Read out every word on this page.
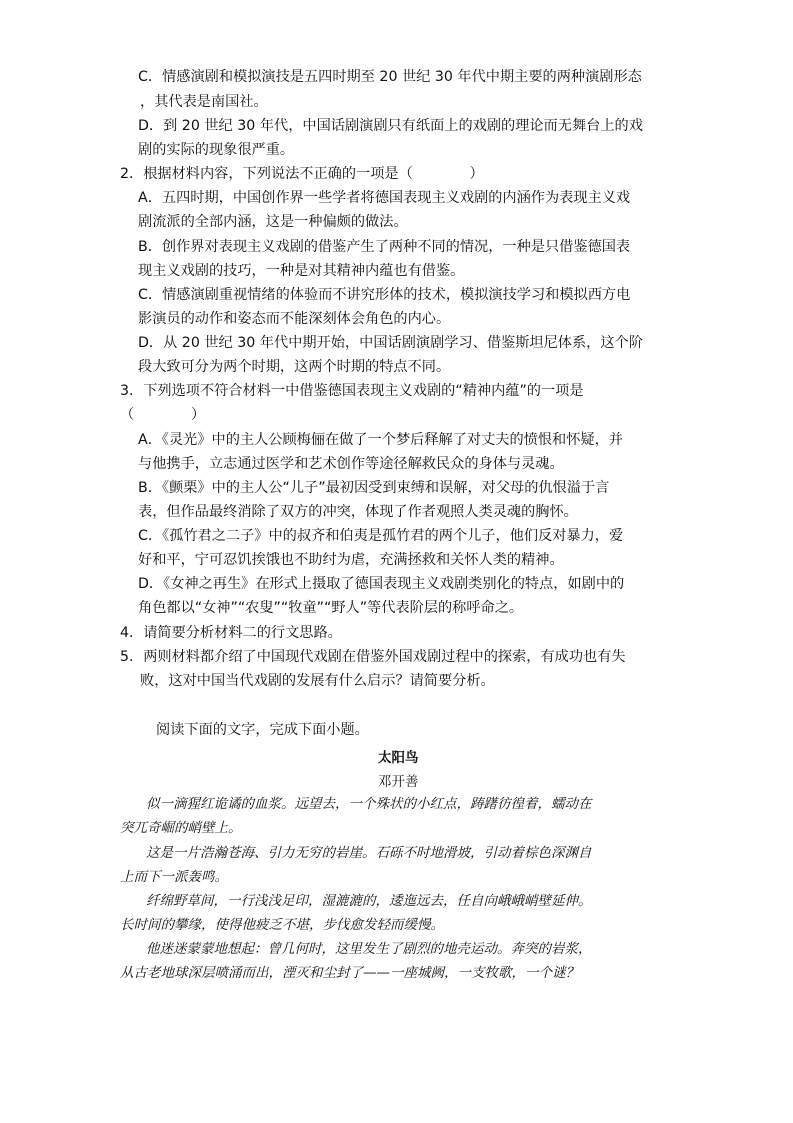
C．情感演剧和模拟演技是五四时期至 20 世纪 30 年代中期主要的两种演剧形态
，其代表是南国社。
D．到 20 世纪 30 年代，中国话剧演剧只有纸面上的戏剧的理论而无舞台上的戏
剧的实际的现象很严重。
2．根据材料内容，下列说法不正确的一项是（　　　　）
A．五四时期，中国创作界一些学者将德国表现主义戏剧的内涵作为表现主义戏
剧流派的全部内涵，这是一种偏颇的做法。
B．创作界对表现主义戏剧的借鉴产生了两种不同的情况，一种是只借鉴德国表
现主义戏剧的技巧，一种是对其精神内蕴也有借鉴。
C．情感演剧重视情绪的体验而不讲究形体的技术，模拟演技学习和模拟西方电
影演员的动作和姿态而不能深刻体会角色的内心。
D．从 20 世纪 30 年代中期开始，中国话剧演剧学习、借鉴斯坦尼体系，这个阶
段大致可分为两个时期，这两个时期的特点不同。
3．下列选项不符合材料一中借鉴德国表现主义戏剧的“精神内蕴”的一项是
（　　　　）
A．《灵光》中的主人公顾梅俪在做了一个梦后释解了对丈夫的愤恨和怀疑，并
与他携手，立志通过医学和艺术创作等途径解救民众的身体与灵魂。
B．《颤栗》中的主人公“儿子”最初因受到束缚和误解，对父母的仇恨溢于言
表，但作品最终消除了双方的冲突，体现了作者观照人类灵魂的胸怀。
C．《孤竹君之二子》中的叔齐和伯夷是孤竹君的两个儿子，他们反对暴力，爱
好和平，宁可忍饥挨饿也不助纣为虐，充满拯救和关怀人类的精神。
D．《女神之再生》在形式上摄取了德国表现主义戏剧类别化的特点，如剧中的
角色都以“女神”“农叟”“牧童”“野人”等代表阶层的称呼命之。
4．请简要分析材料二的行文思路。
5．两则材料都介绍了中国现代戏剧在借鉴外国戏剧过程中的探索，有成功也有失
败，这对中国当代戏剧的发展有什么启示？请简要分析。
阅读下面的文字，完成下面小题。
太阳鸟
邓开善
似一滴猩红诡谲的血浆。远望去，一个殊状的小红点，踌躇彷徨着，蠕动在
突兀奇崛的峭壁上。
这是一片浩瀚苍海、引力无穷的岩崖。石砾不时地滑坡，引动着棕色深渊自
上而下一派轰鸣。
纤绵野草间，一行浅浅足印，湿漉漉的，逶迤远去，任自向峨峨峭壁延伸。
长时间的攀缘，使得他疲乏不堪，步伐愈发轻而缓慢。
他迷迷蒙蒙地想起：曾几何时，这里发生了剧烈的地壳运动。奔突的岩浆，
从古老地球深层喷涌而出，湮灭和尘封了——一座城阙，一支牧歌，一个谜？
